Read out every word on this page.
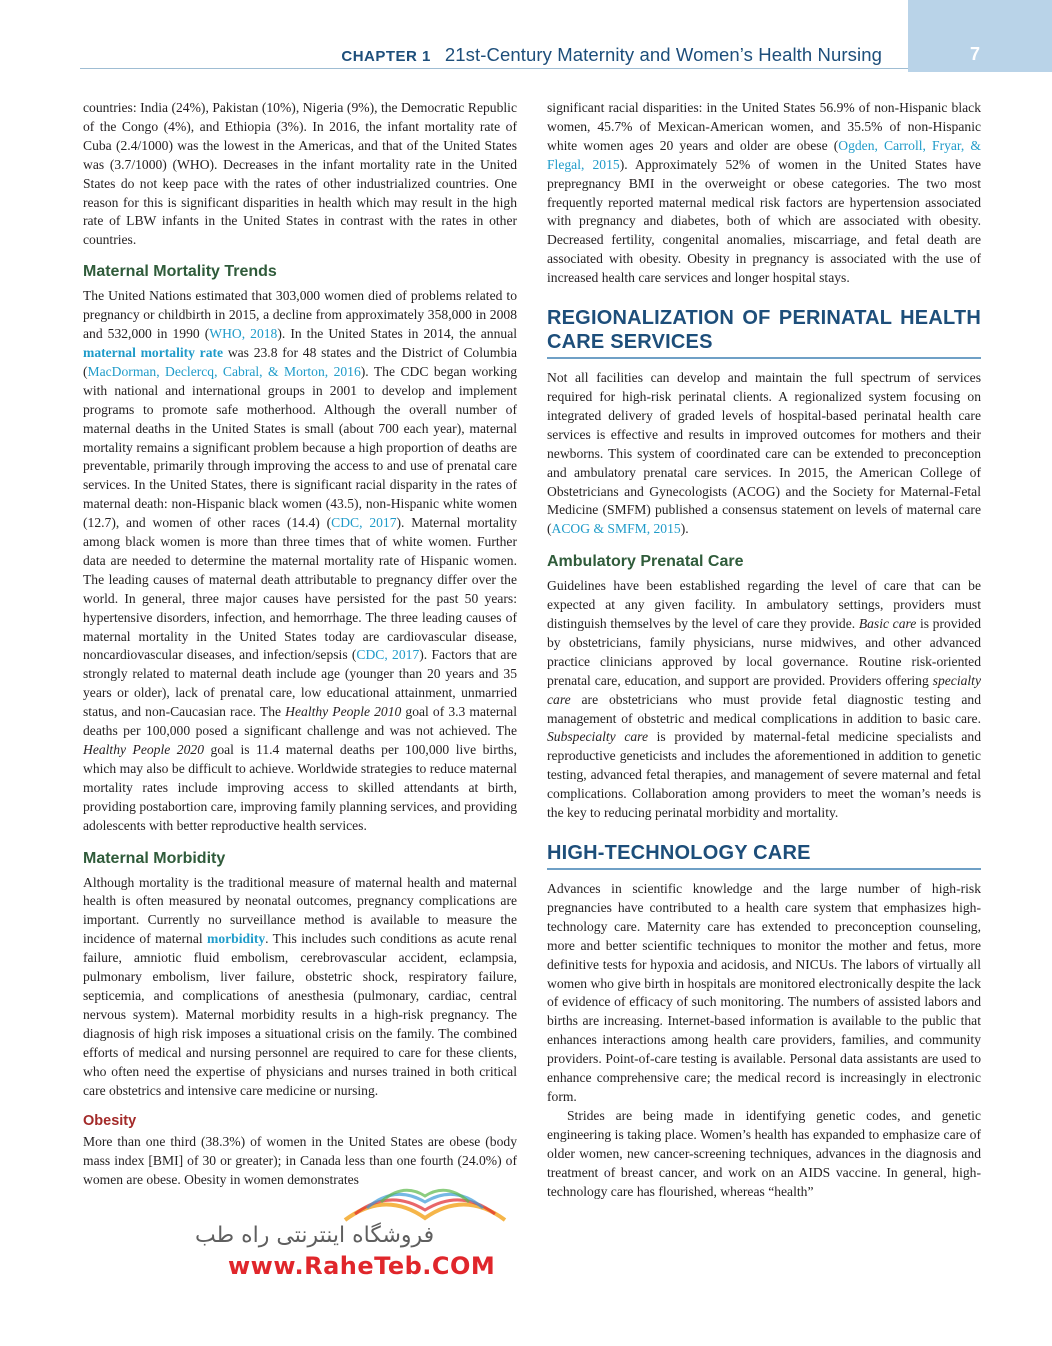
CHAPTER 1 21st-Century Maternity and Women’s Health Nursing	7

countries: India (24%), Pakistan (10%), Nigeria (9%), the Democratic Republic of the Congo (4%), and Ethiopia (3%). In 2016, the infant mortality rate of Cuba (2.4/1000) was the lowest in the Americas, and that of the United States was (3.7/1000) (WHO). Decreases in the infant mortality rate in the United States do not keep pace with the rates of other industrialized countries. One reason for this is significant disparities in health which may result in the high rate of LBW infants in the United States in contrast with the rates in other countries.

Maternal Mortality Trends

The United Nations estimated that 303,000 women died of problems related to pregnancy or childbirth in 2015, a decline from approximately 358,000 in 2008 and 532,000 in 1990 (WHO, 2018). In the United States in 2014, the annual maternal mortality rate was 23.8 for 48 states and the District of Columbia (MacDorman, Declercq, Cabral, & Morton, 2016). The CDC began working with national and international groups in 2001 to develop and implement programs to promote safe motherhood. Although the overall number of maternal deaths in the United States is small (about 700 each year), maternal mortality remains a significant problem because a high proportion of deaths are preventable, primarily through improving the access to and use of prenatal care services. In the United States, there is significant racial disparity in the rates of maternal death: non-Hispanic black women (43.5), non-Hispanic white women (12.7), and women of other races (14.4) (CDC, 2017). Maternal mortality among black women is more than three times that of white women. Further data are needed to determine the maternal mortality rate of Hispanic women. The leading causes of maternal death attributable to pregnancy differ over the world. In general, three major causes have persisted for the past 50 years: hypertensive disorders, infection, and hemorrhage. The three leading causes of maternal mortality in the United States today are cardiovascular disease, noncardiovascular diseases, and infection/sepsis (CDC, 2017). Factors that are strongly related to maternal death include age (younger than 20 years and 35 years or older), lack of prenatal care, low educational attainment, unmarried status, and non-Caucasian race. The Healthy People 2010 goal of 3.3 maternal deaths per 100,000 posed a significant challenge and was not achieved. The Healthy People 2020 goal is 11.4 maternal deaths per 100,000 live births, which may also be difficult to achieve. Worldwide strategies to reduce maternal mortality rates include improving access to skilled attendants at birth, providing postabortion care, improving family planning services, and providing adolescents with better reproductive health services.

Maternal Morbidity

Although mortality is the traditional measure of maternal health and maternal health is often measured by neonatal outcomes, pregnancy complications are important. Currently no surveillance method is available to measure the incidence of maternal morbidity. This includes such conditions as acute renal failure, amniotic fluid embolism, cerebrovascular accident, eclampsia, pulmonary embolism, liver failure, obstetric shock, respiratory failure, septicemia, and complications of anesthesia (pulmonary, cardiac, central nervous system). Maternal morbidity results in a high-risk pregnancy. The diagnosis of high risk imposes a situational crisis on the family. The combined efforts of medical and nursing personnel are required to care for these clients, who often need the expertise of physicians and nurses trained in both critical care obstetrics and intensive care medicine or nursing.

Obesity

More than one third (38.3%) of women in the United States are obese (body mass index [BMI] of 30 or greater); in Canada less than one fourth (24.0%) of women are obese. Obesity in women demonstrates

significant racial disparities: in the United States 56.9% of non-Hispanic black women, 45.7% of Mexican-American women, and 35.5% of non-Hispanic white women ages 20 years and older are obese (Ogden, Carroll, Fryar, & Flegal, 2015). Approximately 52% of women in the United States have prepregnancy BMI in the overweight or obese categories. The two most frequently reported maternal medical risk factors are hypertension associated with pregnancy and diabetes, both of which are associated with obesity. Decreased fertility, congenital anomalies, miscarriage, and fetal death are associated with obesity. Obesity in pregnancy is associated with the use of increased health care services and longer hospital stays.

REGIONALIZATION OF PERINATAL HEALTH CARE SERVICES

Not all facilities can develop and maintain the full spectrum of services required for high-risk perinatal clients. A regionalized system focusing on integrated delivery of graded levels of hospital-based perinatal health care services is effective and results in improved outcomes for mothers and their newborns. This system of coordinated care can be extended to preconception and ambulatory prenatal care services. In 2015, the American College of Obstetricians and Gynecologists (ACOG) and the Society for Maternal-Fetal Medicine (SMFM) published a consensus statement on levels of maternal care (ACOG & SMFM, 2015).

Ambulatory Prenatal Care

Guidelines have been established regarding the level of care that can be expected at any given facility. In ambulatory settings, providers must distinguish themselves by the level of care they provide. Basic care is provided by obstetricians, family physicians, nurse midwives, and other advanced practice clinicians approved by local governance. Routine risk-oriented prenatal care, education, and support are provided. Providers offering specialty care are obstetricians who must provide fetal diagnostic testing and management of obstetric and medical complications in addition to basic care. Subspecialty care is provided by maternal-fetal medicine specialists and reproductive geneticists and includes the aforementioned in addition to genetic testing, advanced fetal therapies, and management of severe maternal and fetal complications. Collaboration among providers to meet the woman’s needs is the key to reducing perinatal morbidity and mortality.

HIGH-TECHNOLOGY CARE

Advances in scientific knowledge and the large number of high-risk pregnancies have contributed to a health care system that emphasizes high-technology care. Maternity care has extended to preconception counseling, more and better scientific techniques to monitor the mother and fetus, more definitive tests for hypoxia and acidosis, and NICUs. The labors of virtually all women who give birth in hospitals are monitored electronically despite the lack of evidence of efficacy of such monitoring. The numbers of assisted labors and births are increasing. Internet-based information is available to the public that enhances interactions among health care providers, families, and community providers. Point-of-care testing is available. Personal data assistants are used to enhance comprehensive care; the medical record is increasingly in electronic form.

Strides are being made in identifying genetic codes, and genetic engineering is taking place. Women’s health has expanded to emphasize care of older women, new cancer-screening techniques, advances in the diagnosis and treatment of breast cancer, and work on an AIDS vaccine. In general, high-technology care has flourished, whereas “health”

فروشگاه اینترنتی راه طب
www.RaheTeb.COM
